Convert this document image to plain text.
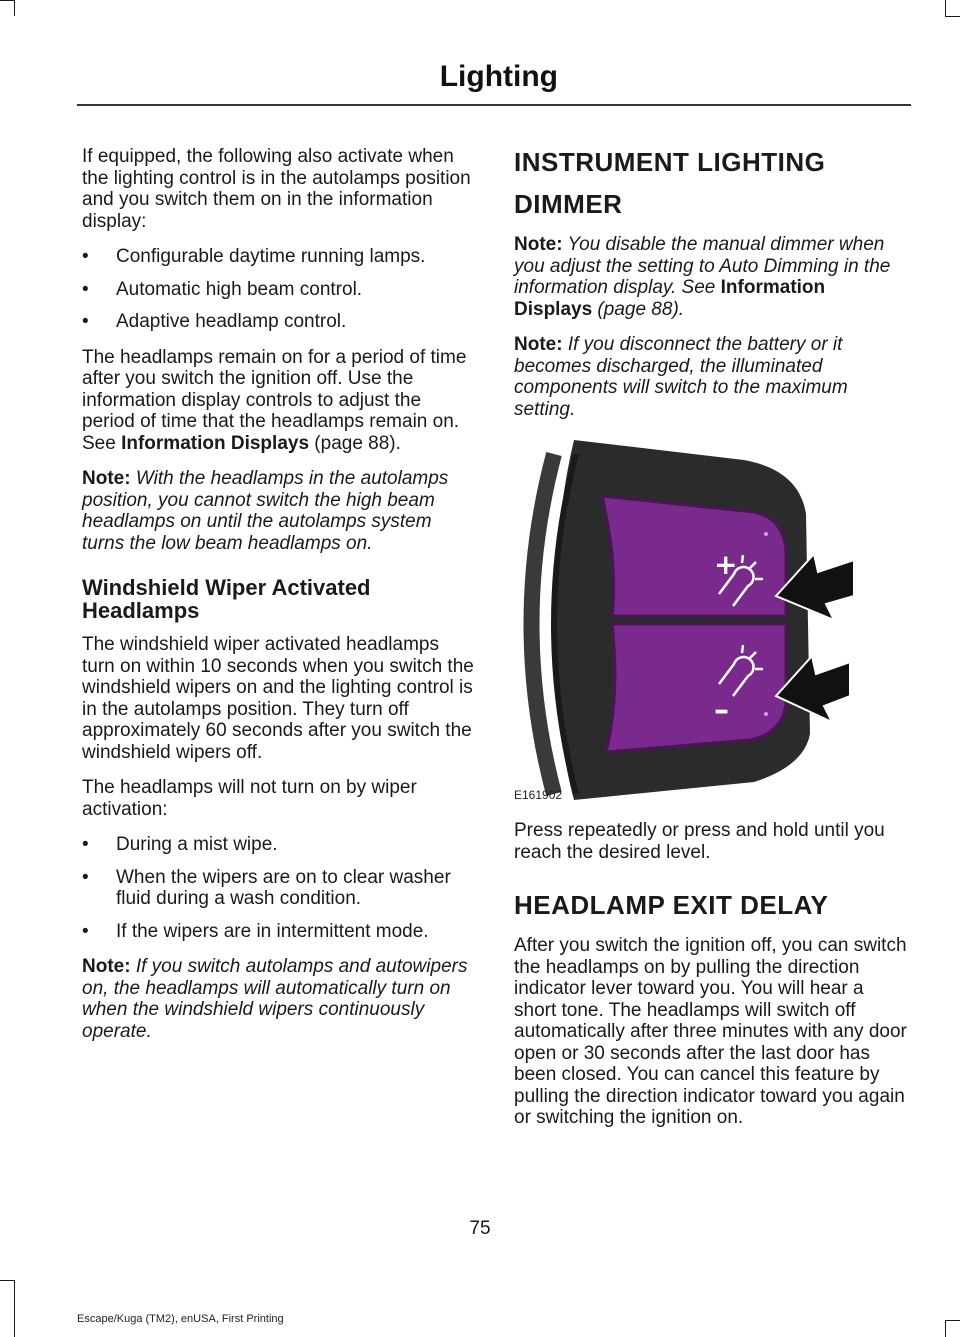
Lighting

If equipped, the following also activate when the lighting control is in the autolamps position and you switch them on in the information display:

• Configurable daytime running lamps.
• Automatic high beam control.
• Adaptive headlamp control.

The headlamps remain on for a period of time after you switch the ignition off. Use the information display controls to adjust the period of time that the headlamps remain on. See Information Displays (page 88).

Note: With the headlamps in the autolamps position, you cannot switch the high beam headlamps on until the autolamps system turns the low beam headlamps on.

Windshield Wiper Activated Headlamps

The windshield wiper activated headlamps turn on within 10 seconds when you switch the windshield wipers on and the lighting control is in the autolamps position. They turn off approximately 60 seconds after you switch the windshield wipers off.

The headlamps will not turn on by wiper activation:

• During a mist wipe.
• When the wipers are on to clear washer fluid during a wash condition.
• If the wipers are in intermittent mode.

Note: If you switch autolamps and autowipers on, the headlamps will automatically turn on when the windshield wipers continuously operate.

INSTRUMENT LIGHTING
DIMMER

Note: You disable the manual dimmer when you adjust the setting to Auto Dimming in the information display. See Information Displays (page 88).

Note: If you disconnect the battery or it becomes discharged, the illuminated components will switch to the maximum setting.

+
–
E161902

Press repeatedly or press and hold until you reach the desired level.

HEADLAMP EXIT DELAY

After you switch the ignition off, you can switch the headlamps on by pulling the direction indicator lever toward you. You will hear a short tone. The headlamps will switch off automatically after three minutes with any door open or 30 seconds after the last door has been closed. You can cancel this feature by pulling the direction indicator toward you again or switching the ignition on.

75
Escape/Kuga (TM2), enUSA, First Printing
